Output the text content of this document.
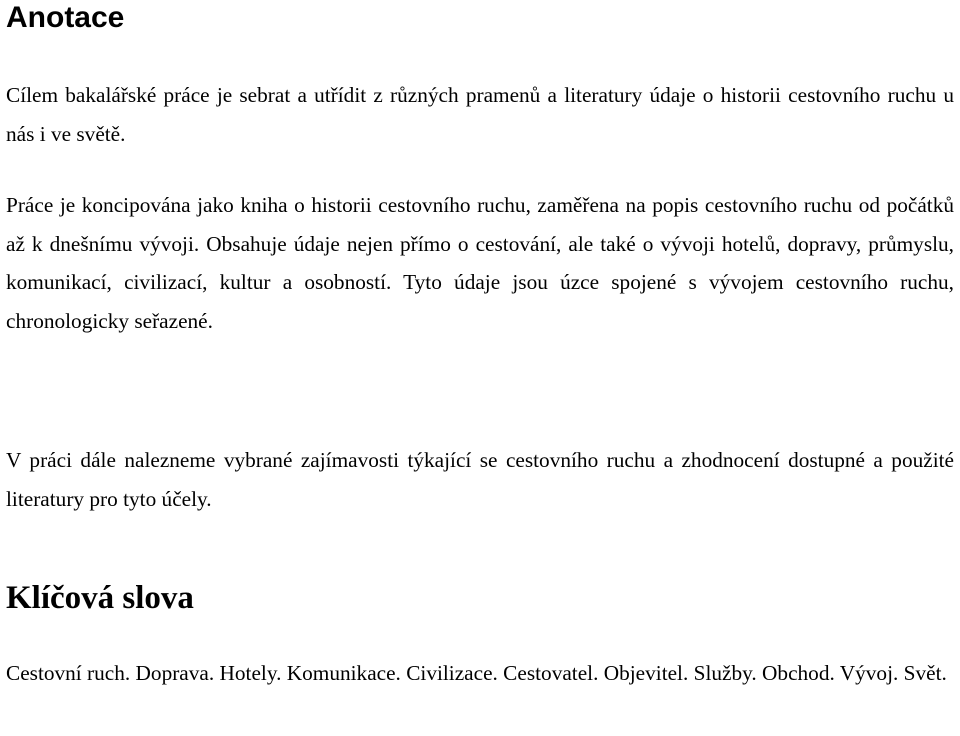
Anotace

Cílem bakalářské práce je sebrat a utřídit z různých pramenů a literatury údaje o historii cestovního ruchu u nás i ve světě.

Práce je koncipována jako kniha o historii cestovního ruchu, zaměřena na popis cestovního ruchu od počátků až k dnešnímu vývoji. Obsahuje údaje nejen přímo o cestování, ale také o vývoji hotelů, dopravy, průmyslu, komunikací, civilizací, kultur a osobností. Tyto údaje jsou úzce spojené s vývojem cestovního ruchu, chronologicky seřazené.

V práci dále nalezneme vybrané zajímavosti týkající se cestovního ruchu a zhodnocení dostupné a použité literatury pro tyto účely.

Klíčová slova

Cestovní ruch. Doprava. Hotely. Komunikace. Civilizace. Cestovatel. Objevitel. Služby. Obchod. Vývoj. Svět.
